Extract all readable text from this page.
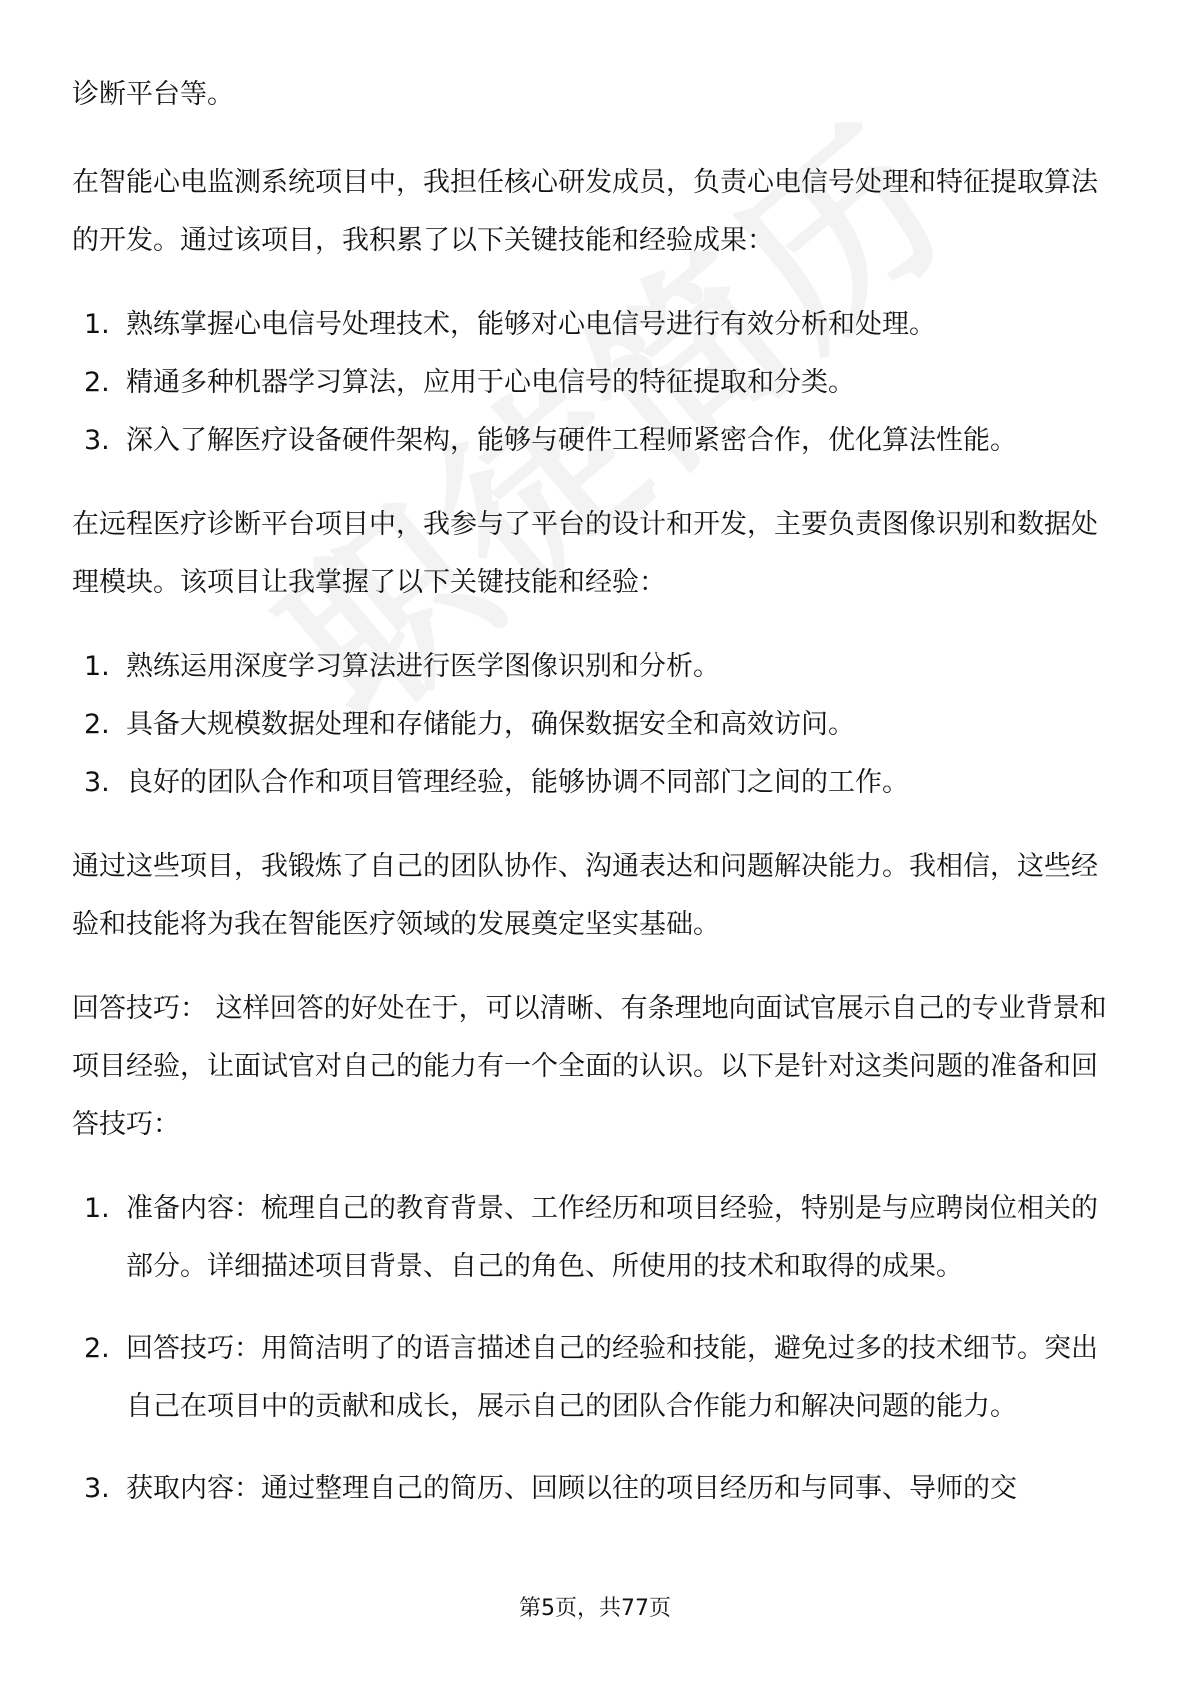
诊断平台等。

在智能心电监测系统项目中，我担任核心研发成员，负责心电信号处理和特征提取算法的开发。通过该项目，我积累了以下关键技能和经验成果：

1. 熟练掌握心电信号处理技术，能够对心电信号进行有效分析和处理。
2. 精通多种机器学习算法，应用于心电信号的特征提取和分类。
3. 深入了解医疗设备硬件架构，能够与硬件工程师紧密合作，优化算法性能。

在远程医疗诊断平台项目中，我参与了平台的设计和开发，主要负责图像识别和数据处理模块。该项目让我掌握了以下关键技能和经验：

1. 熟练运用深度学习算法进行医学图像识别和分析。
2. 具备大规模数据处理和存储能力，确保数据安全和高效访问。
3. 良好的团队合作和项目管理经验，能够协调不同部门之间的工作。

通过这些项目，我锻炼了自己的团队协作、沟通表达和问题解决能力。我相信，这些经验和技能将为我在智能医疗领域的发展奠定坚实基础。

回答技巧： 这样回答的好处在于，可以清晰、有条理地向面试官展示自己的专业背景和项目经验，让面试官对自己的能力有一个全面的认识。以下是针对这类问题的准备和回答技巧：

1. 准备内容：梳理自己的教育背景、工作经历和项目经验，特别是与应聘岗位相关的部分。详细描述项目背景、自己的角色、所使用的技术和取得的成果。
2. 回答技巧：用简洁明了的语言描述自己的经验和技能，避免过多的技术细节。突出自己在项目中的贡献和成长，展示自己的团队合作能力和解决问题的能力。
3. 获取内容：通过整理自己的简历、回顾以往的项目经历和与同事、导师的交
第5页，共77页
